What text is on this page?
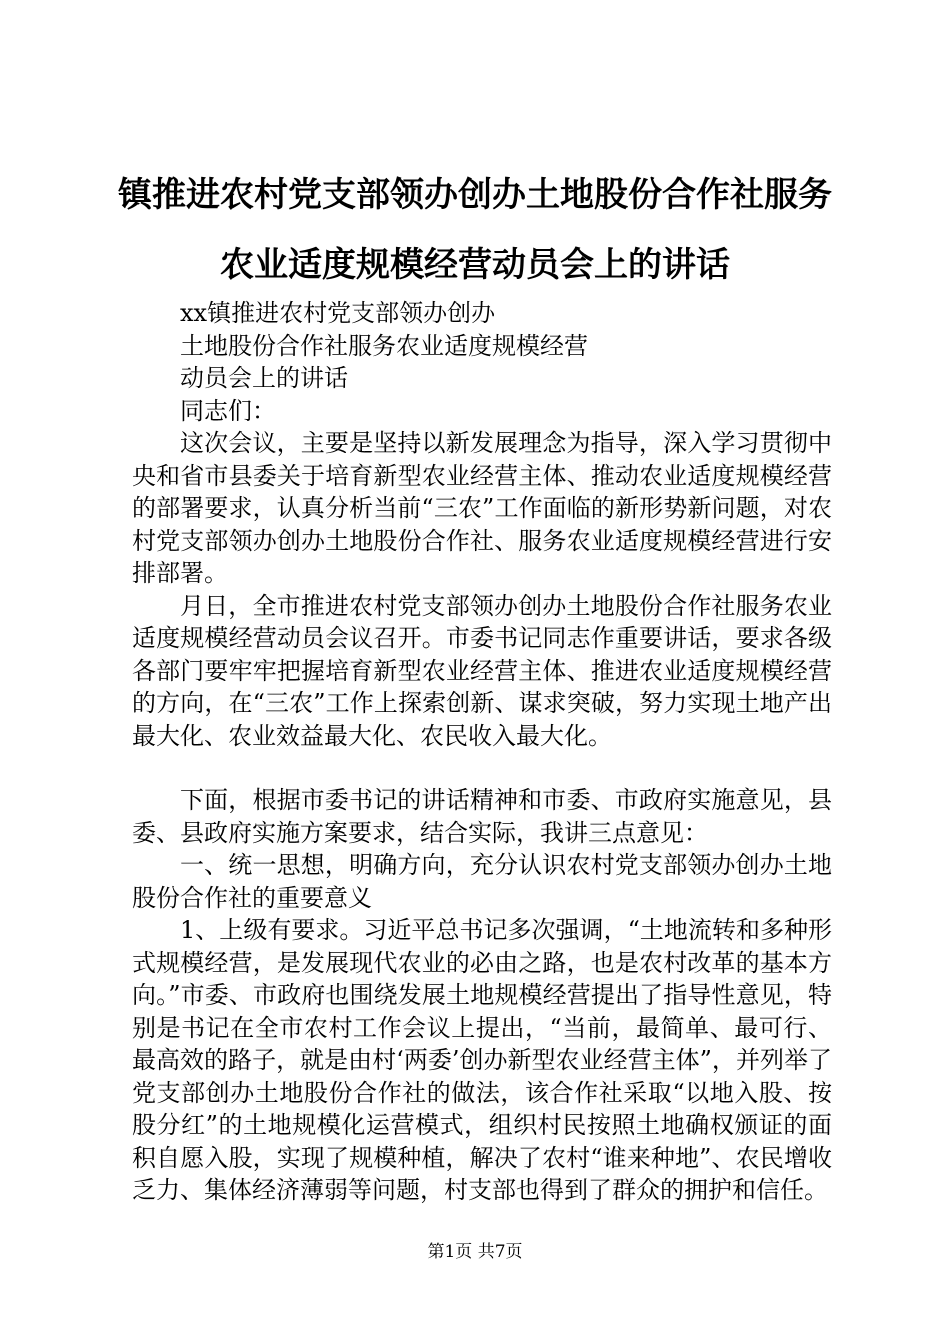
镇推进农村党支部领办创办土地股份合作社服务农业适度规模经营动员会上的讲话

xx镇推进农村党支部领办创办

土地股份合作社服务农业适度规模经营

动员会上的讲话

同志们：

这次会议，主要是坚持以新发展理念为指导，深入学习贯彻中央和省市县委关于培育新型农业经营主体、推动农业适度规模经营的部署要求，认真分析当前“三农”工作面临的新形势新问题，对农村党支部领办创办土地股份合作社、服务农业适度规模经营进行安排部署。

月日，全市推进农村党支部领办创办土地股份合作社服务农业适度规模经营动员会议召开。市委书记同志作重要讲话，要求各级各部门要牢牢把握培育新型农业经营主体、推进农业适度规模经营的方向，在“三农”工作上探索创新、谋求突破，努力实现土地产出最大化、农业效益最大化、农民收入最大化。

下面，根据市委书记的讲话精神和市委、市政府实施意见，县委、县政府实施方案要求，结合实际，我讲三点意见：

一、统一思想，明确方向，充分认识农村党支部领办创办土地股份合作社的重要意义

1、上级有要求。习近平总书记多次强调，“土地流转和多种形式规模经营，是发展现代农业的必由之路，也是农村改革的基本方向。”市委、市政府也围绕发展土地规模经营提出了指导性意见，特别是书记在全市农村工作会议上提出，“当前，最简单、最可行、最高效的路子，就是由村‘两委’创办新型农业经营主体”，并列举了党支部创办土地股份合作社的做法，该合作社采取“以地入股、按股分红”的土地规模化运营模式，组织村民按照土地确权颁证的面积自愿入股，实现了规模种植，解决了农村“谁来种地”、农民增收乏力、集体经济薄弱等问题，村支部也得到了群众的拥护和信任。

第1页 共7页
